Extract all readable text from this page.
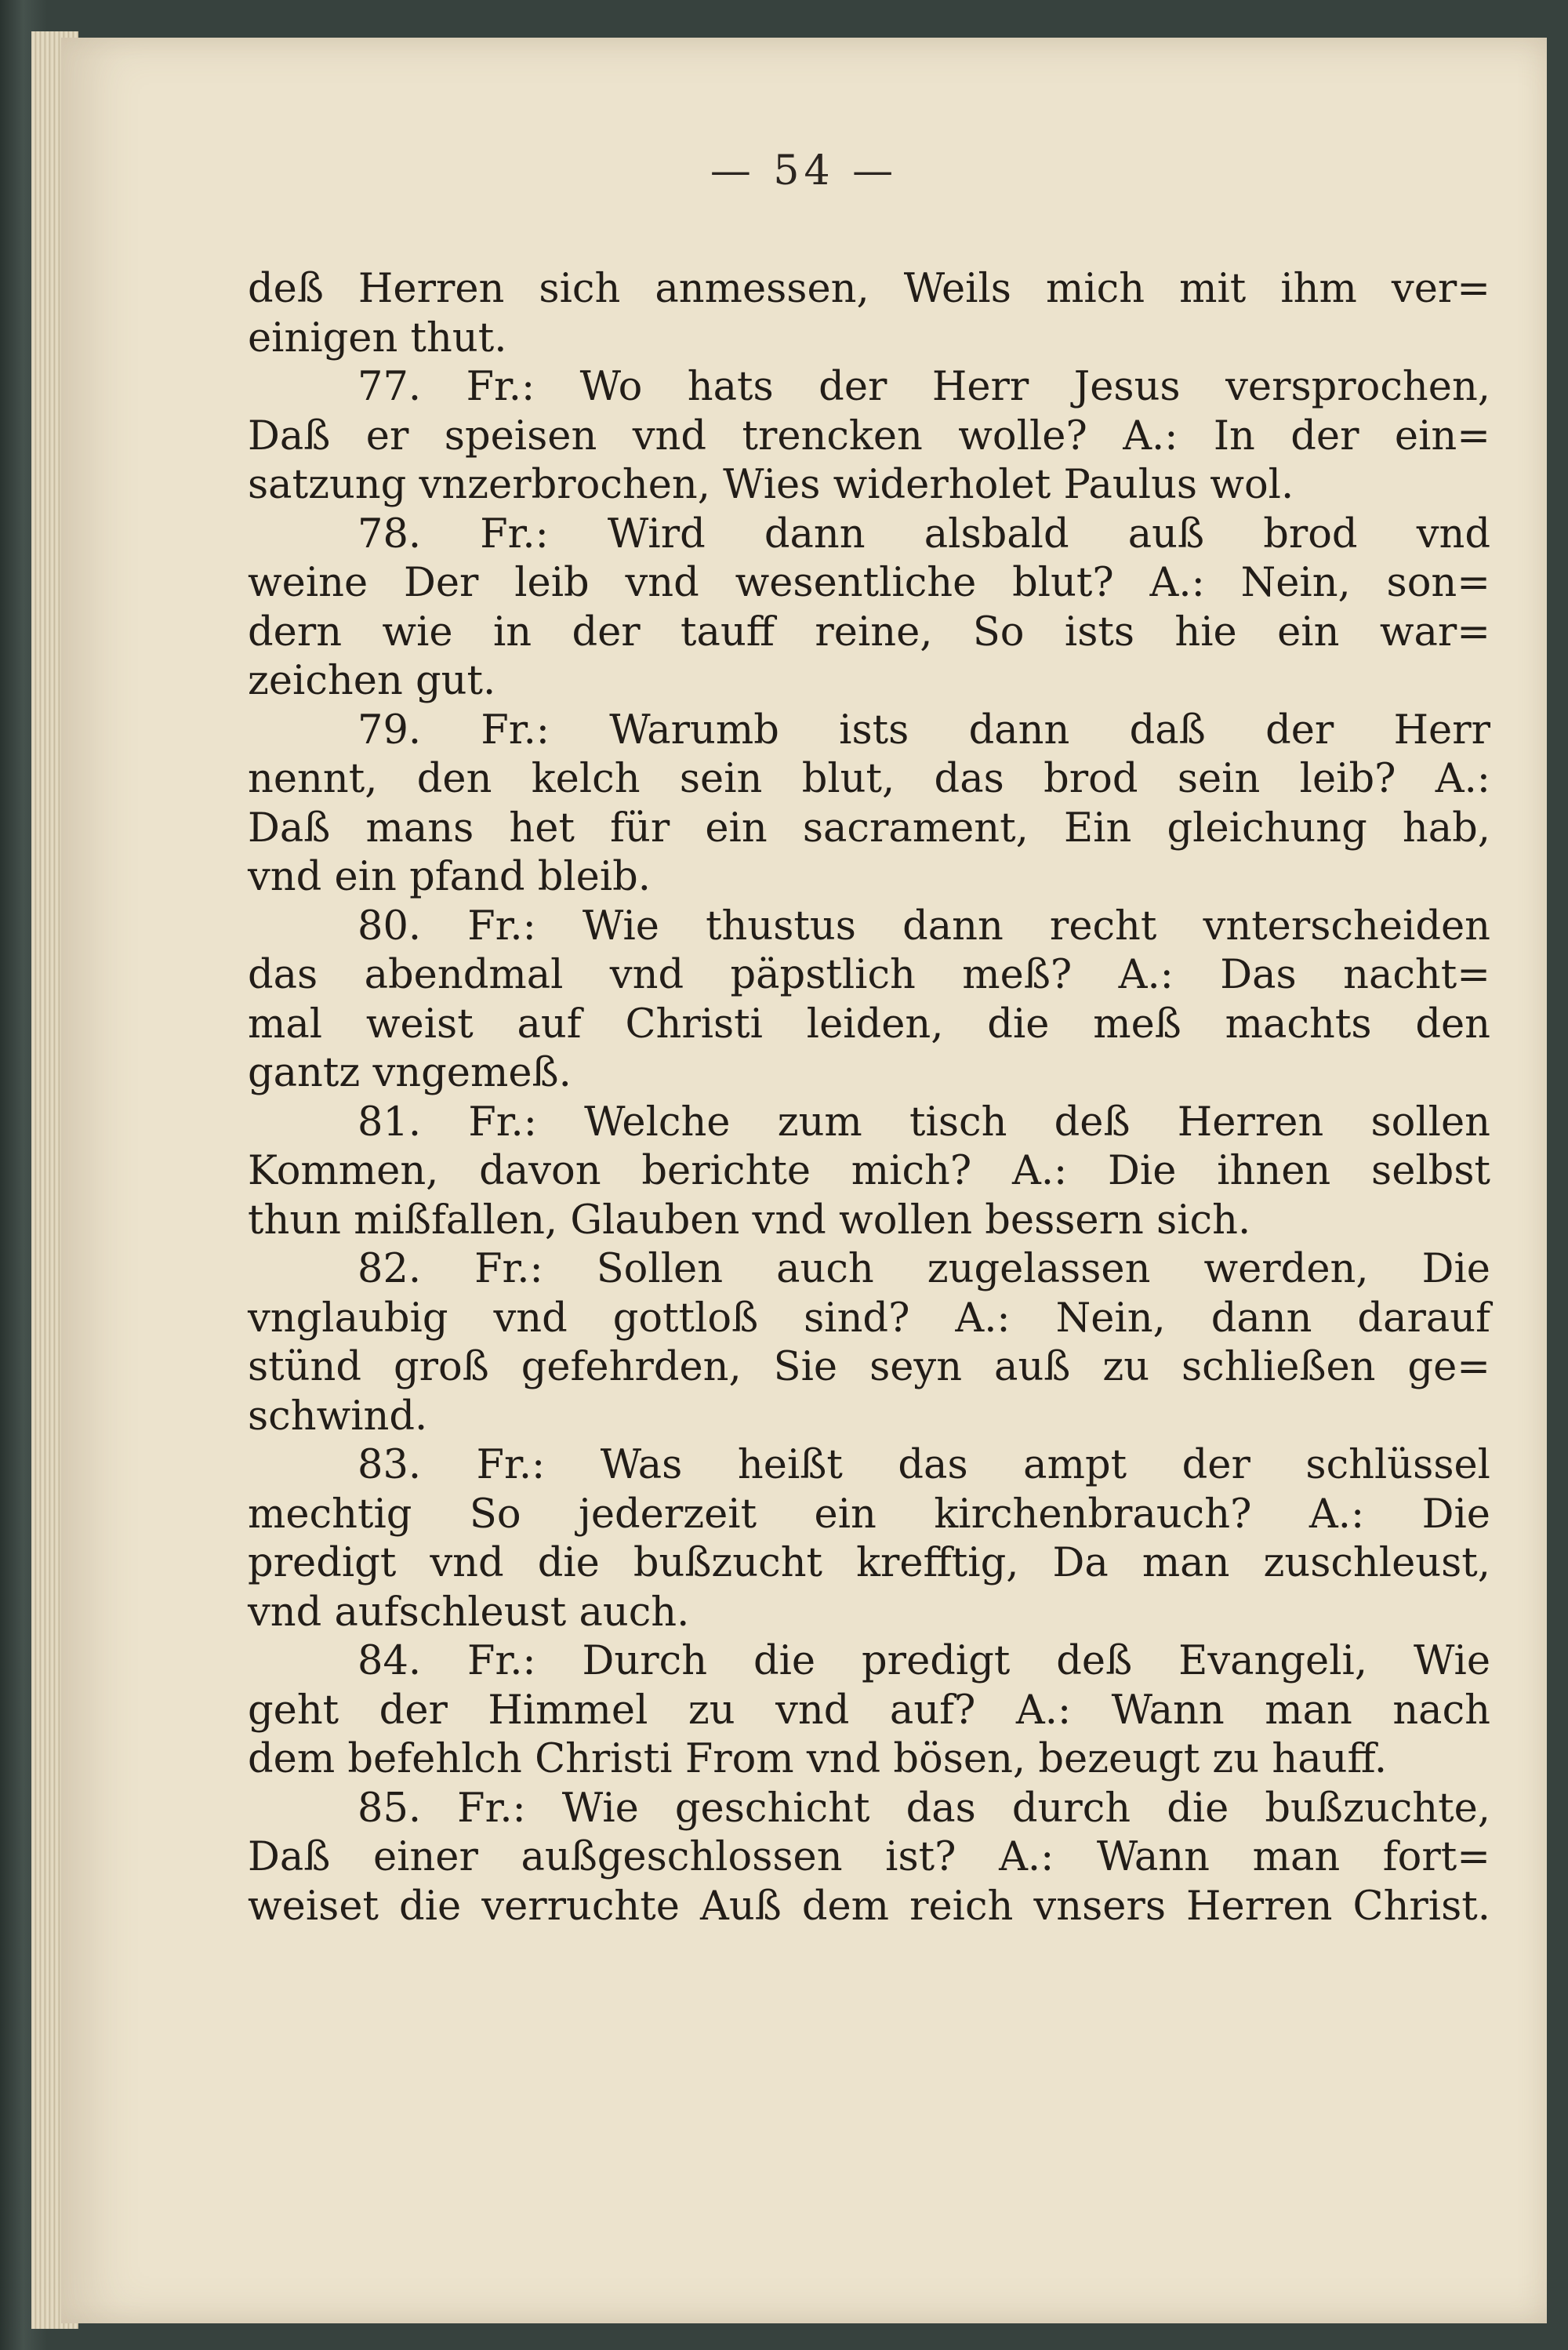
— 54 —
deß Herren sich anmessen, Weils mich mit ihm ver=
einigen thut.
77. Fr.: Wo hats der Herr Jesus versprochen,
Daß er speisen vnd trencken wolle? A.: In der ein=
satzung vnzerbrochen, Wies widerholet Paulus wol.
78. Fr.: Wird dann alsbald auß brod vnd
weine Der leib vnd wesentliche blut? A.: Nein, son=
dern wie in der tauff reine, So ists hie ein war=
zeichen gut.
79. Fr.: Warumb ists dann daß der Herr
nennt, den kelch sein blut, das brod sein leib? A.:
Daß mans het für ein sacrament, Ein gleichung hab,
vnd ein pfand bleib.
80. Fr.: Wie thustus dann recht vnterscheiden
das abendmal vnd päpstlich meß? A.: Das nacht=
mal weist auf Christi leiden, die meß machts den
gantz vngemeß.
81. Fr.: Welche zum tisch deß Herren sollen
Kommen, davon berichte mich? A.: Die ihnen selbst
thun mißfallen, Glauben vnd wollen bessern sich.
82. Fr.: Sollen auch zugelassen werden, Die
vnglaubig vnd gottloß sind? A.: Nein, dann darauf
stünd groß gefehrden, Sie seyn auß zu schließen ge=
schwind.
83. Fr.: Was heißt das ampt der schlüssel
mechtig So jederzeit ein kirchenbrauch? A.: Die
predigt vnd die bußzucht krefftig, Da man zuschleust,
vnd aufschleust auch.
84. Fr.: Durch die predigt deß Evangeli, Wie
geht der Himmel zu vnd auf? A.: Wann man nach
dem befehlch Christi From vnd bösen, bezeugt zu hauff.
85. Fr.: Wie geschicht das durch die bußzuchte,
Daß einer außgeschlossen ist? A.: Wann man fort=
weiset die verruchte Auß dem reich vnsers Herren Christ.
